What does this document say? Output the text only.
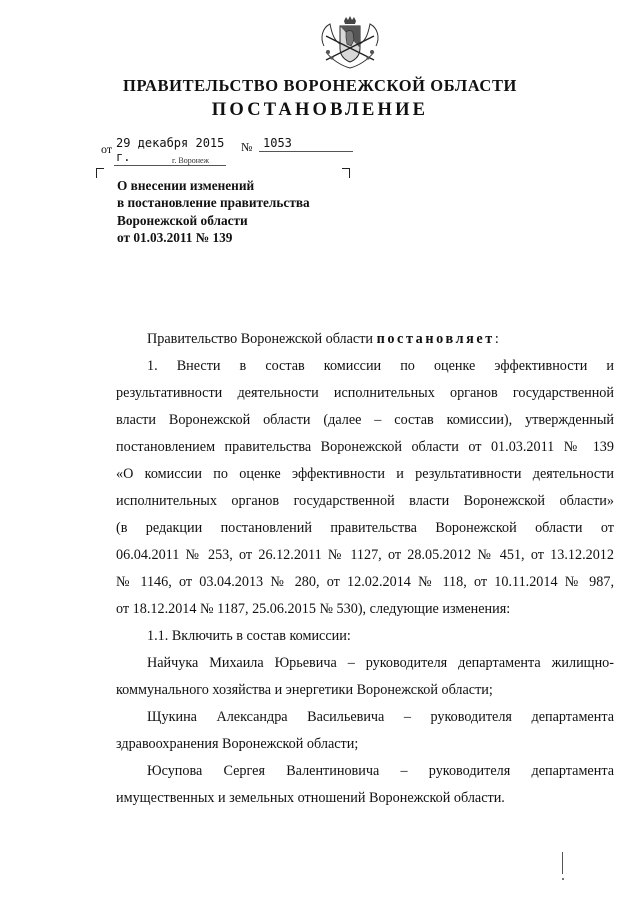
ПРАВИТЕЛЬСТВО ВОРОНЕЖСКОЙ ОБЛАСТИ
ПОСТАНОВЛЕНИЕ
от 29 декабря 2015 г.
№ 1053
г. Воронеж
О внесении изменений
в постановление правительства
Воронежской области
от 01.03.2011 № 139
Правительство Воронежской области постановляет:
1. Внести в состав комиссии по оценке эффективности и
результативности деятельности исполнительных органов государственной
власти Воронежской области (далее – состав комиссии), утвержденный
постановлением правительства Воронежской области от 01.03.2011 № 139
«О комиссии по оценке эффективности и результативности деятельности
исполнительных органов государственной власти Воронежской области»
(в редакции постановлений правительства Воронежской области от
06.04.2011 № 253, от 26.12.2011 № 1127, от 28.05.2012 № 451, от 13.12.2012
№ 1146, от 03.04.2013 № 280, от 12.02.2014 № 118, от 10.11.2014 № 987,
от 18.12.2014 № 1187, 25.06.2015 № 530), следующие изменения:
1.1. Включить в состав комиссии:
Найчука Михаила Юрьевича – руководителя департамента жилищно-
коммунального хозяйства и энергетики Воронежской области;
Щукина Александра Васильевича – руководителя департамента
здравоохранения Воронежской области;
Юсупова Сергея Валентиновича – руководителя департамента
имущественных и земельных отношений Воронежской области.
